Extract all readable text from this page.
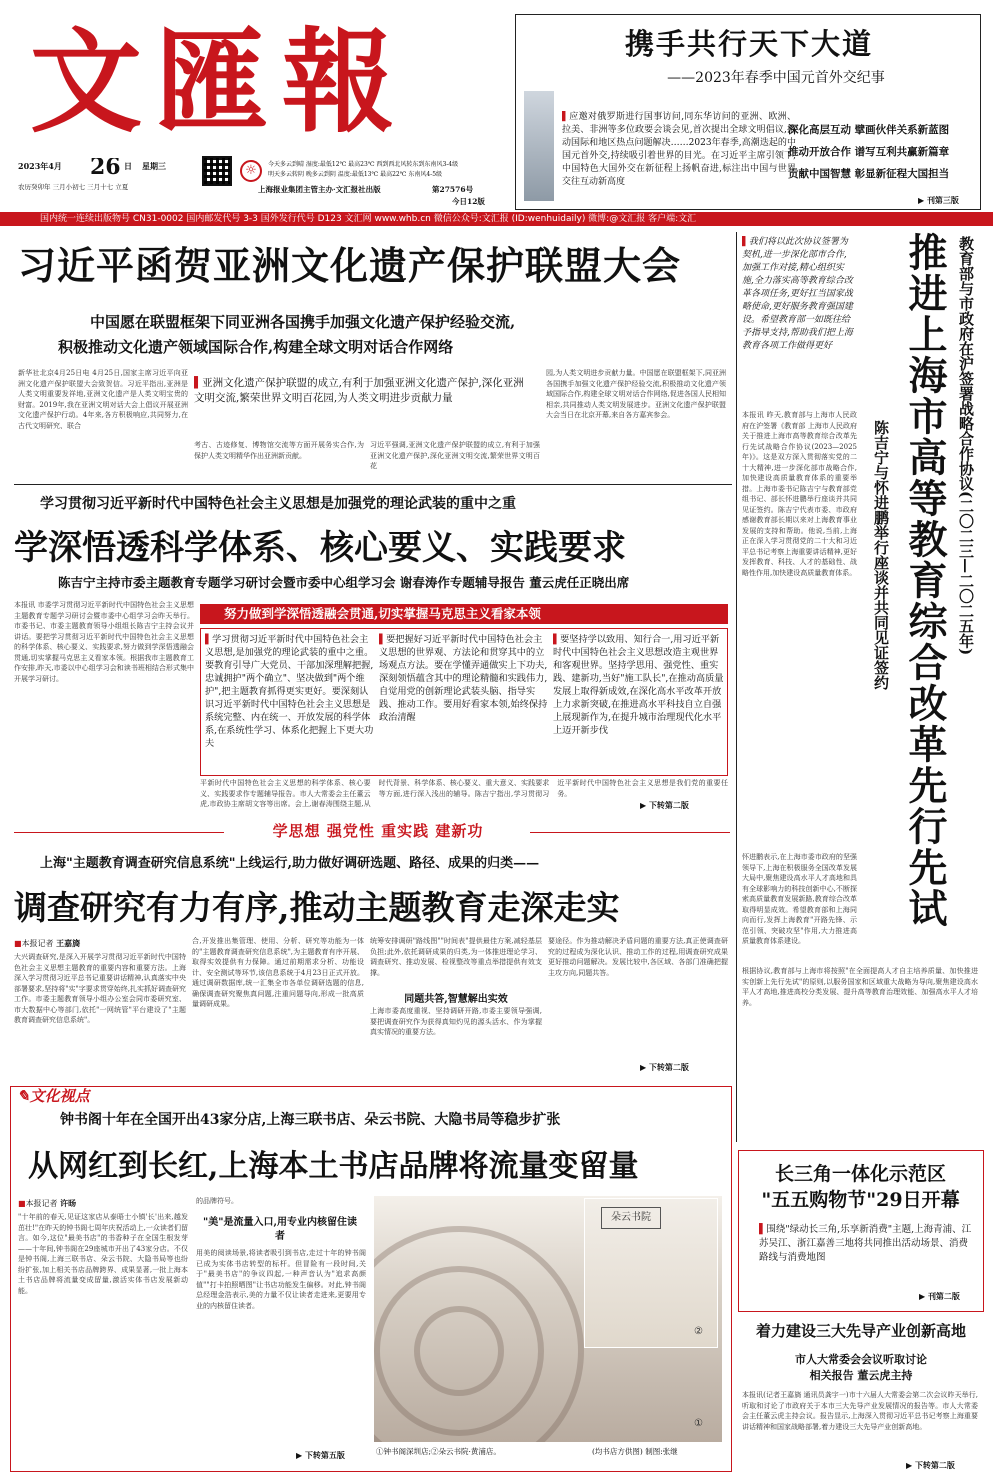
文匯報
2023年4月	26 日	星期三
农历癸卯年 三月小初七 三月十七 立夏
☼	今天多云到晴 湿度:最低12℃ 最高23℃ 西到西北风转东到东南风3-4级
明天多云转阴 晚多云到阴 温度:最低13℃ 最高22℃ 东南风4-5级
上海报业集团主管主办·文汇报社出版	第27576号
今日12版
携手共行天下大道
——2023年春季中国元首外交纪事
▌应邀对俄罗斯进行国事访问,同东华访问的亚洲、欧洲、拉美、非洲等多位政要会谈会见,首次提出全球文明倡议,推动国际和地区热点问题解决……2023年春季,高潮迭起的中国元首外交,持续吸引着世界的目光。在习近平主席引领下,中国特色大国外交在新征程上扬帆奋进,标注出中国与世界交往互动新高度
深化高层互动 擘画伙伴关系新蓝图
推动开放合作 谱写互利共赢新篇章
贡献中国智慧 彰显新征程大国担当
▶ 刊第三版
国内统一连续出版物号 CN31-0002 国内邮发代号 3-3 国外发行代号 D123 文汇网 www.whb.cn 微信公众号:文汇报 (ID:wenhuidaily) 微博:@文汇报 客户端:文汇
习近平函贺亚洲文化遗产保护联盟大会
中国愿在联盟框架下同亚洲各国携手加强文化遗产保护经验交流,
积极推动文化遗产领域国际合作,构建全球文明对话合作网络
新华社北京4月25日电 4月25日,国家主席习近平向亚洲文化遗产保护联盟大会致贺信。习近平指出,亚洲是人类文明重要发祥地,亚洲文化遗产是人类文明宝贵的财富。2019年,我在亚洲文明对话大会上倡议开展亚洲文化遗产保护行动。4年来,各方积极响应,共同努力,在古代文明研究、联合
▌ 亚洲文化遗产保护联盟的成立,有利于加强亚洲文化遗产保护,深化亚洲文明交流,繁荣世界文明百花园,为人类文明进步贡献力量
考古、古迹修复、博物馆交流等方面开展务实合作,为保护人类文明精华作出亚洲新贡献。
习近平强调,亚洲文化遗产保护联盟的成立,有利于加强亚洲文化遗产保护,深化亚洲文明交流,繁荣世界文明百花
园,为人类文明进步贡献力量。中国愿在联盟框架下,同亚洲各国携手加强文化遗产保护经验交流,积极推动文化遗产领域国际合作,构建全球文明对话合作网络,促进各国人民相知相亲,共同推动人类文明发展进步。亚洲文化遗产保护联盟大会当日在北京开幕,来自各方嘉宾参会。
学习贯彻习近平新时代中国特色社会主义思想是加强党的理论武装的重中之重
学深悟透科学体系、核心要义、实践要求
陈吉宁主持市委主题教育专题学习研讨会暨市委中心组学习会 谢春涛作专题辅导报告 董云虎任正晓出席
本报讯 市委学习贯彻习近平新时代中国特色社会主义思想主题教育专题学习研讨会暨市委中心组学习会昨天举行。市委书记、市委主题教育领导小组组长陈吉宁主持会议并讲话。要把学习贯彻习近平新时代中国特色社会主义思想的科学体系、核心要义、实践要求,努力做到学深悟透融会贯通,切实掌握马克思主义看家本领。根据我市主题教育工作安排,昨天,市委以中心组学习会和读书班相结合形式集中开展学习研讨。
努力做到学深悟透融会贯通,切实掌握马克思主义看家本领
▌ 学习贯彻习近平新时代中国特色社会主义思想,是加强党的理论武装的重中之重。要教育引导广大党员、干部加深理解把握,忠诚拥护"两个确立"、坚决做到"两个维护",把主题教育抓得更实更好。要深刻认识习近平新时代中国特色社会主义思想是系统完整、内在统一、开放发展的科学体系,在系统性学习、体系化把握上下更大功夫
▌ 要把握好习近平新时代中国特色社会主义思想的世界观、方法论和贯穿其中的立场观点方法。要在学懂弄通做实上下功夫,深刻领悟蕴含其中的理论精髓和实践伟力,自觉用党的创新理论武装头脑、指导实践、推动工作。要用好看家本领,始终保持政治清醒
▌ 要坚持学以致用、知行合一,用习近平新时代中国特色社会主义思想改造主观世界和客观世界。坚持学思用、强党性、重实践、建新功,当好"施工队长",在推动高质量发展上取得新成效,在深化高水平改革开放上力求新突破,在推进高水平科技自立自强上展现新作为,在提升城市治理现代化水平上迈开新步伐
平新时代中国特色社会主义思想的科学体系、核心要义、实践要求作专题辅导报告。市人大常委会主任董云虎,市政协主席胡文容等出席。会上,谢春涛围绕主题,从时代背景、科学体系、核心要义、重大意义、实践要求等方面,进行深入浅出的辅导。陈吉宁指出,学习贯彻习近平新时代中国特色社会主义思想是我们党的重要任务。
▶ 下转第二版
学思想 强党性 重实践 建新功
上海"主题教育调查研究信息系统"上线运行,助力做好调研选题、路径、成果的归类——
调查研究有力有序,推动主题教育走深走实
■本报记者 王嘉旖
大兴调查研究,是深入开展学习贯彻习近平新时代中国特色社会主义思想主题教育的重要内容和重要方法。上海深入学习贯彻习近平总书记重要讲话精神,认真落实中央部署要求,坚持将"实"字要求贯穿始终,扎实抓好调查研究工作。市委主题教育领导小组办公室会同市委研究室、市大数据中心等部门,依托"一网统管"平台建设了"主题教育调查研究信息系统"。
合,开发推出集管理、使用、分析、研究等功能为一体的"主题教育调查研究信息系统",为主题教育有序开展、取得实效提供有力保障。通过前期需求分析、功能设计、安全测试等环节,该信息系统于4月23日正式开放。通过调研数据库,统一汇集全市各单位调研选题的信息,确保调查研究聚焦真问题,注重问题导向,形成一批高质量调研成果。
统筹安排调研"路线图""时间表"提供最佳方案,减轻基层负担;此外,依托调研成果的归类,为一体推进理论学习、调查研究、推动发展、检视整改等重点举措提供有效支撑。
同题共答,智慧解出实效
上海市委高度重视、坚持调研开路,市委主要领导强调,要把调查研究作为获得真知灼见的源头活水、作为掌握真实情况的重要方法。
要途径。作为推动解决矛盾问题的重要方法,真正使调查研究的过程成为深化认识、推动工作的过程,用调查研究成果更好推动问题解决。发展比较中,各区域、各部门准确把握主攻方向,同题共答。
▶ 下转第二版
✎文化视点
钟书阁十年在全国开出43家分店,上海三联书店、朵云书院、大隐书局等稳步扩张
从网红到长红,上海本土书店品牌将流量变留量
■本报记者 许旸
"十年前的春天,见证这家店从泰晤士小镇'长'出来,越发茁壮!"在昨天的钟书阁七周年庆祝活动上,一众读者们留言。如今,这位"最美书店"的书香种子在全国生根发芽——十年间,钟书阁在29座城市开出了43家分店。不仅是钟书阁,上海三联书店、朵云书院、大隐书局等也纷纷扩张,加上相关书店品牌跨界、成果显著,一批上海本土书店品牌将流量变成留量,激活实体书店发展新动能。
的品牌符号。
"美"是流量入口,用专业内核留住读者
用美的阅读场景,将读者吸引到书店,走过十年的钟书阁已成为实体书店转型的标杆。但冒险有一段时间,关于"最美书店"的争议四起,一种声音认为"追求高颜值""打卡拍照晒图"让书店功能发生偏移。对此,钟书阁总经理金浩表示,美的力量不仅让读者走进来,更要用专业的内核留住读者。
▶ 下转第五版
朵云书院
②
①
①钟书阁深圳店;②朵云书院·黄浦店。	(均书店方供图) 制图:张继
▌ 我们将以此次协议签署为契机,进一步深化部市合作,加强工作对接,精心组织实施,全力落实高等教育综合改革各项任务,更好扛当国家战略使命,更好服务教育强国建设。希望教育部一如既往给予指导支持,帮助我们把上海教育各项工作做得更好	教育部与市政府在沪签署战略合作协议(二〇二三—二〇二五年)
推进上海市高等教育综合改革先行先试
陈吉宁与怀进鹏举行座谈并共同见证签约
本报讯 昨天,教育部与上海市人民政府在沪签署《教育部 上海市人民政府关于推进上海市高等教育综合改革先行先试战略合作协议(2023—2025年)》。这是双方深入贯彻落实党的二十大精神,进一步深化部市战略合作,加快建设高质量教育体系的重要举措。上海市委书记陈吉宁与教育部党组书记、部长怀进鹏举行座谈并共同见证签约。陈吉宁代表市委、市政府感谢教育部长期以来对上海教育事业发展的支持和帮助。他说,当前,上海正在深入学习贯彻党的二十大和习近平总书记考察上海重要讲话精神,更好发挥教育、科技、人才的基础性、战略性作用,加快建设高质量教育体系。
怀进鹏表示,在上海市委市政府的坚强领导下,上海在积极服务全国改革发展大局中,聚焦建设高水平人才高地和具有全球影响力的科技创新中心,不断探索高质量教育发展新路,教育综合改革取得明显成效。希望教育部和上海同向而行,发挥上海教育"开路先锋、示范引领、突破攻坚"作用,大力推进高质量教育体系建设。
根据协议,教育部与上海市将按照"在全面提高人才自主培养质量、加快推进实创新上先行先试"的原则,以服务国家和区域重大战略为导向,聚焦建设高水平人才高地,推进高校分类发展、提升高等教育治理效能、加强高水平人才培养。
长三角一体化示范区
"五五购物节"29日开幕
▌ 围绕"绿动长三角,乐享新消费"主题,上海青浦、江苏吴江、浙江嘉善三地将共同推出活动场景、消费路线与消费地图
▶ 刊第二版
着力建设三大先导产业创新高地
市人大常委会会议听取讨论
相关报告 董云虎主持
本报讯(记者王嘉旖 通讯员龚宇一)市十六届人大常委会第二次会议昨天举行,听取和讨论了市政府关于本市三大先导产业发展情况的报告等。市人大常委会主任董云虎主持会议。报告显示,上海深入贯彻习近平总书记考察上海重要讲话精神和国家战略部署,着力建设三大先导产业创新高地。
▶ 下转第二版
